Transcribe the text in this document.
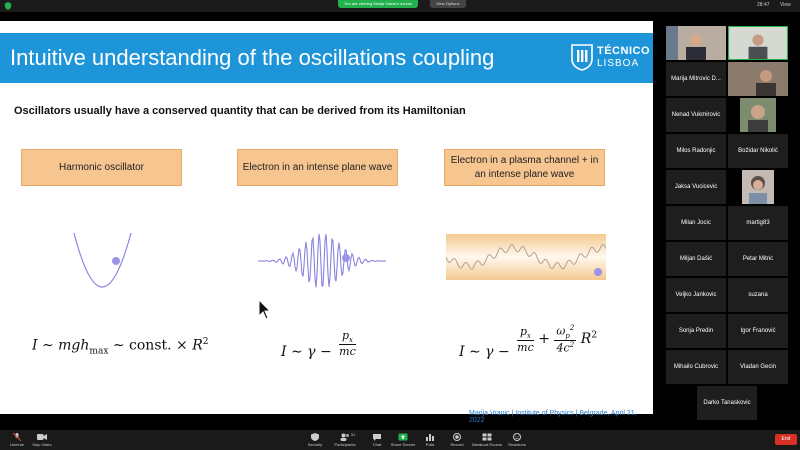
You are viewing Marija Vranic's screen	View Options	28:47 View
Intuitive understanding of the oscillations coupling	TÉCNICO
LISBOA
Oscillators usually have a conserved quantity that can be derived from its Hamiltonian
Harmonic oscillator	Electron in an intense plane wave
Electron in a plasma channel + in an intense plane wave
I ∼ mgh$_{max}$ ∼ const. × $R^2$
I ∼ $\gamma - \frac{p_x}{mc}$	I ∼ $\gamma - \frac{p_x}{mc} + \frac{\omega_p^2}{4c^2} R^2$
Marija Vranic | Institute of Physics | Belgrade, April 21, 2022
Marija Mitrovic D...
Nenad Vukmirovic
Milos Radonjic	Božidar Nikolić
Jaksa Vucicevic
Milan Jocic	martig83
Miljan Dašić	Petar Mitric
Veljko Jankovic	suzana
Sonja Predin	Igor Franović
Mihailo Cubrovic	Vladan Gecin
Darko Tanaskovic
Unmute	Stop Video	Security	Participants
31
Chat	Share Screen	Polls	Record	Breakout Rooms	Reactions
End
